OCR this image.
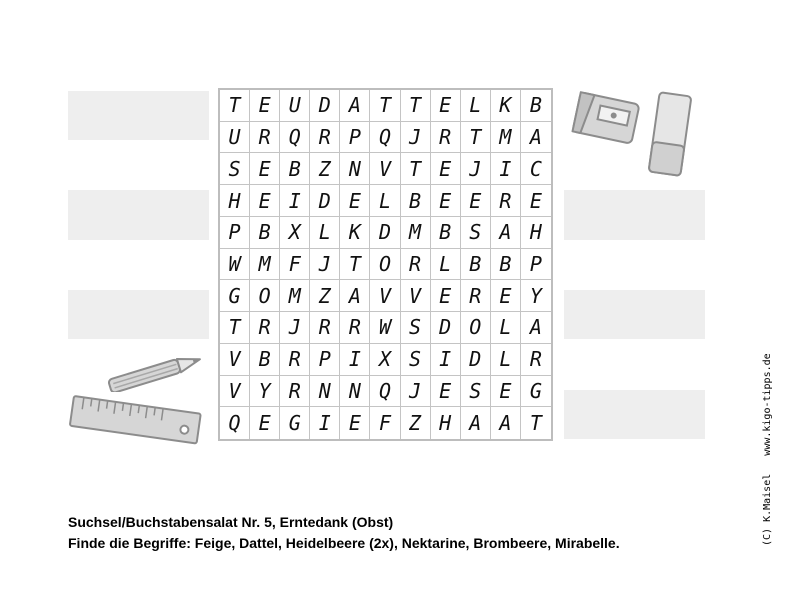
T E U D A T T E L K B
U R Q R P Q J R T M A
S E B Z N V T E J I C
H E I D E L B E E R E
P B X L K D M B S A H
W M F J T O R L B B P
G O M Z A V V E R E Y
T R J R R W S D O L A
V B R P I X S I D L R
V Y R N N Q J E S E G
Q E G I E F Z H A A T
Suchsel/Buchstabensalat Nr. 5, Erntedank (Obst)
Finde die Begriffe: Feige, Dattel, Heidelbeere (2x), Nektarine, Brombeere, Mirabelle.	(C) K.Maisel   www.kigo-tipps.de
